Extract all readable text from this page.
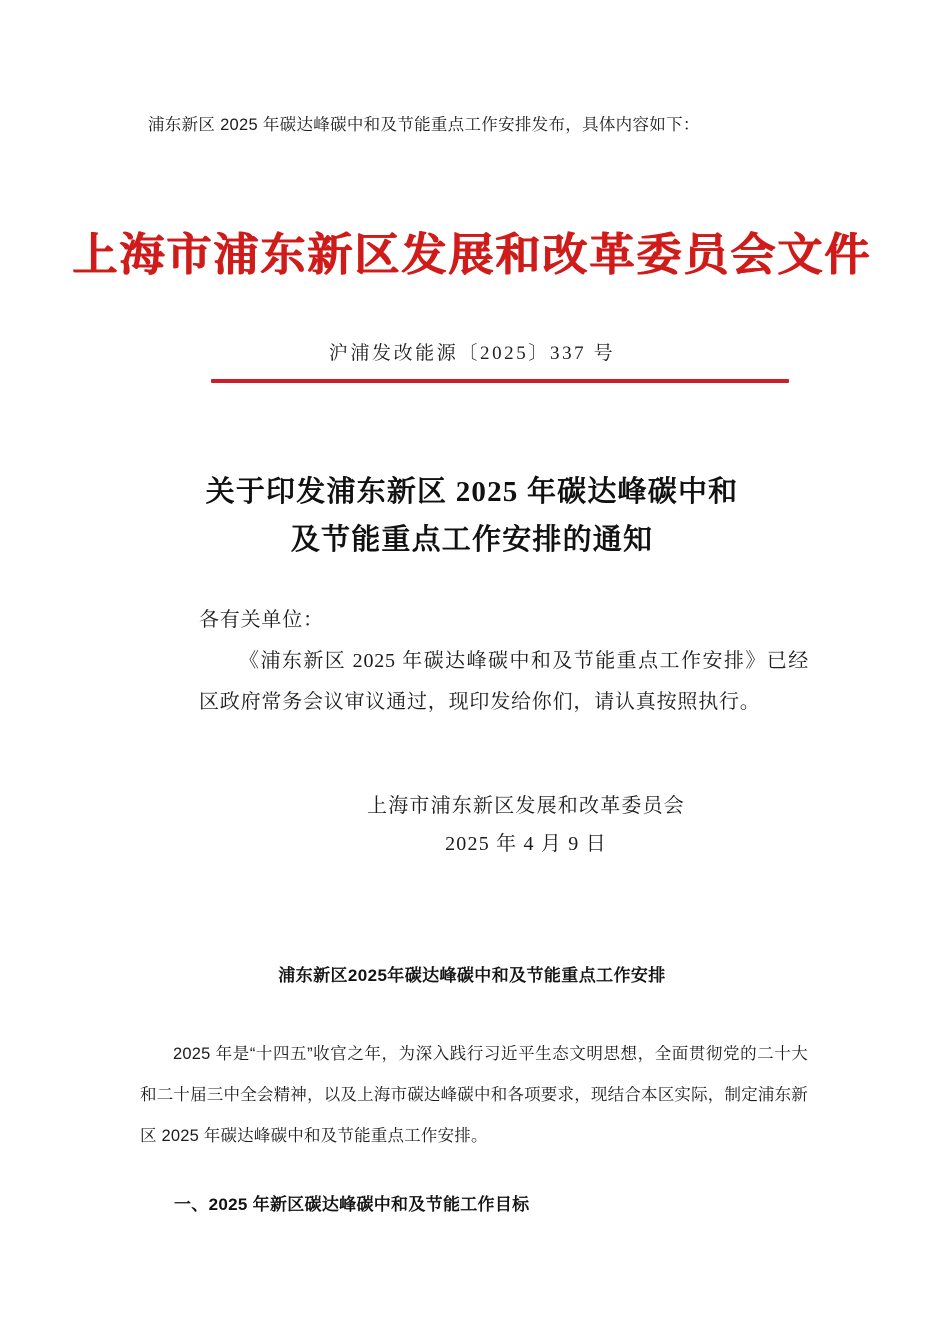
浦东新区 2025 年碳达峰碳中和及节能重点工作安排发布，具体内容如下：
上海市浦东新区发展和改革委员会文件
沪浦发改能源〔2025〕337 号
关于印发浦东新区 2025 年碳达峰碳中和
及节能重点工作安排的通知
各有关单位：
《浦东新区 2025 年碳达峰碳中和及节能重点工作安排》已经区政府常务会议审议通过，现印发给你们，请认真按照执行。
上海市浦东新区发展和改革委员会
2025 年 4 月 9 日
浦东新区2025年碳达峰碳中和及节能重点工作安排
2025 年是“十四五”收官之年，为深入践行习近平生态文明思想，全面贯彻党的二十大和二十届三中全会精神，以及上海市碳达峰碳中和各项要求，现结合本区实际，制定浦东新区 2025 年碳达峰碳中和及节能重点工作安排。
一、2025 年新区碳达峰碳中和及节能工作目标
